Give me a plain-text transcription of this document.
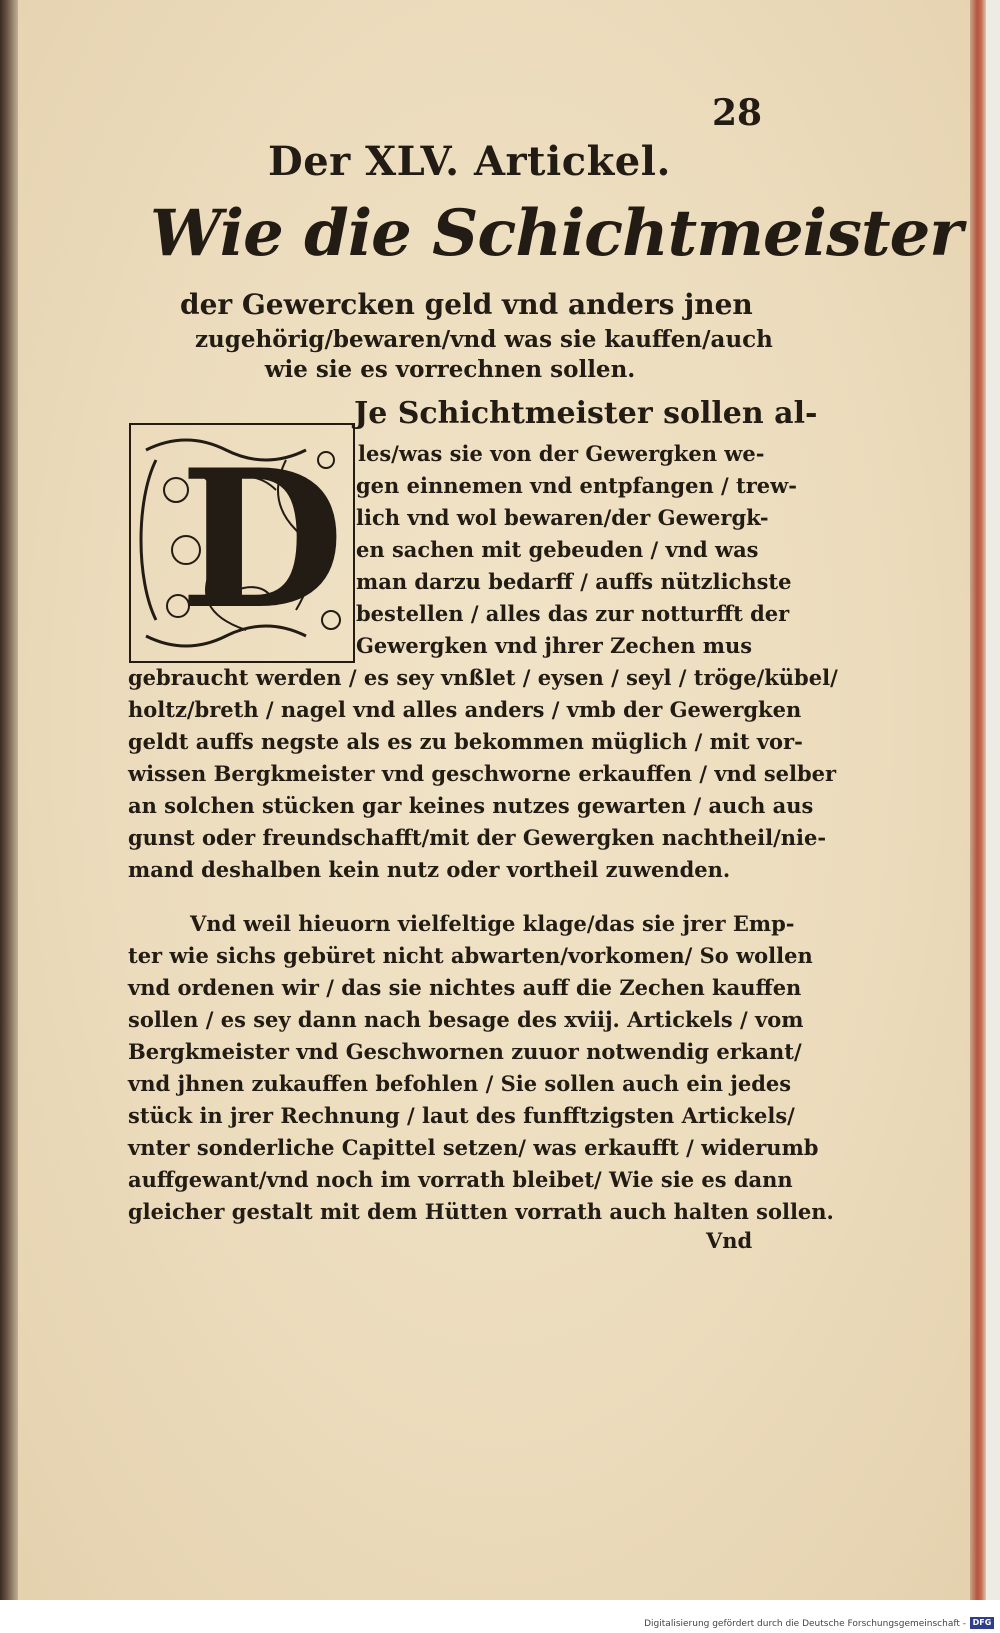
28
Der XLV. Artickel.
Wie die Schichtmeister
der Gewercken geld vnd anders jnen
zugehörig/bewaren/vnd was sie kauffen/auch
wie sie es vorrechnen sollen.
D
Je Schichtmeister sollen al-
les/was sie von der Gewergken we-
gen einnemen vnd entpfangen / trew-
lich vnd wol bewaren/der Gewergk-
en sachen mit gebeuden / vnd was
man darzu bedarff / auffs nützlichste
bestellen / alles das zur notturfft der
Gewergken vnd jhrer Zechen mus
gebraucht werden / es sey vnßlet / eysen / seyl / tröge/kübel/
holtz/breth / nagel vnd alles anders / vmb der Gewergken
geldt auffs negste als es zu bekommen müglich / mit vor-
wissen Bergkmeister vnd geschworne erkauffen / vnd selber
an solchen stücken gar keines nutzes gewarten / auch aus
gunst oder freundschafft/mit der Gewergken nachtheil/nie-
mand deshalben kein nutz oder vortheil zuwenden.
Vnd weil hieuorn vielfeltige klage/das sie jrer Emp-
ter wie sichs gebüret nicht abwarten/vorkomen/ So wollen
vnd ordenen wir / das sie nichtes auff die Zechen kauffen
sollen / es sey dann nach besage des xviij. Artickels / vom
Bergkmeister vnd Geschwornen zuuor notwendig erkant/
vnd jhnen zukauffen befohlen / Sie sollen auch ein jedes
stück in jrer Rechnung / laut des funfftzigsten Artickels/
vnter sonderliche Capittel setzen/ was erkaufft / widerumb
auffgewant/vnd noch im vorrath bleibet/ Wie sie es dann
gleicher gestalt mit dem Hütten vorrath auch halten sollen.
Vnd
Digitalisierung gefördert durch die Deutsche Forschungsgemeinschaft - DFG
